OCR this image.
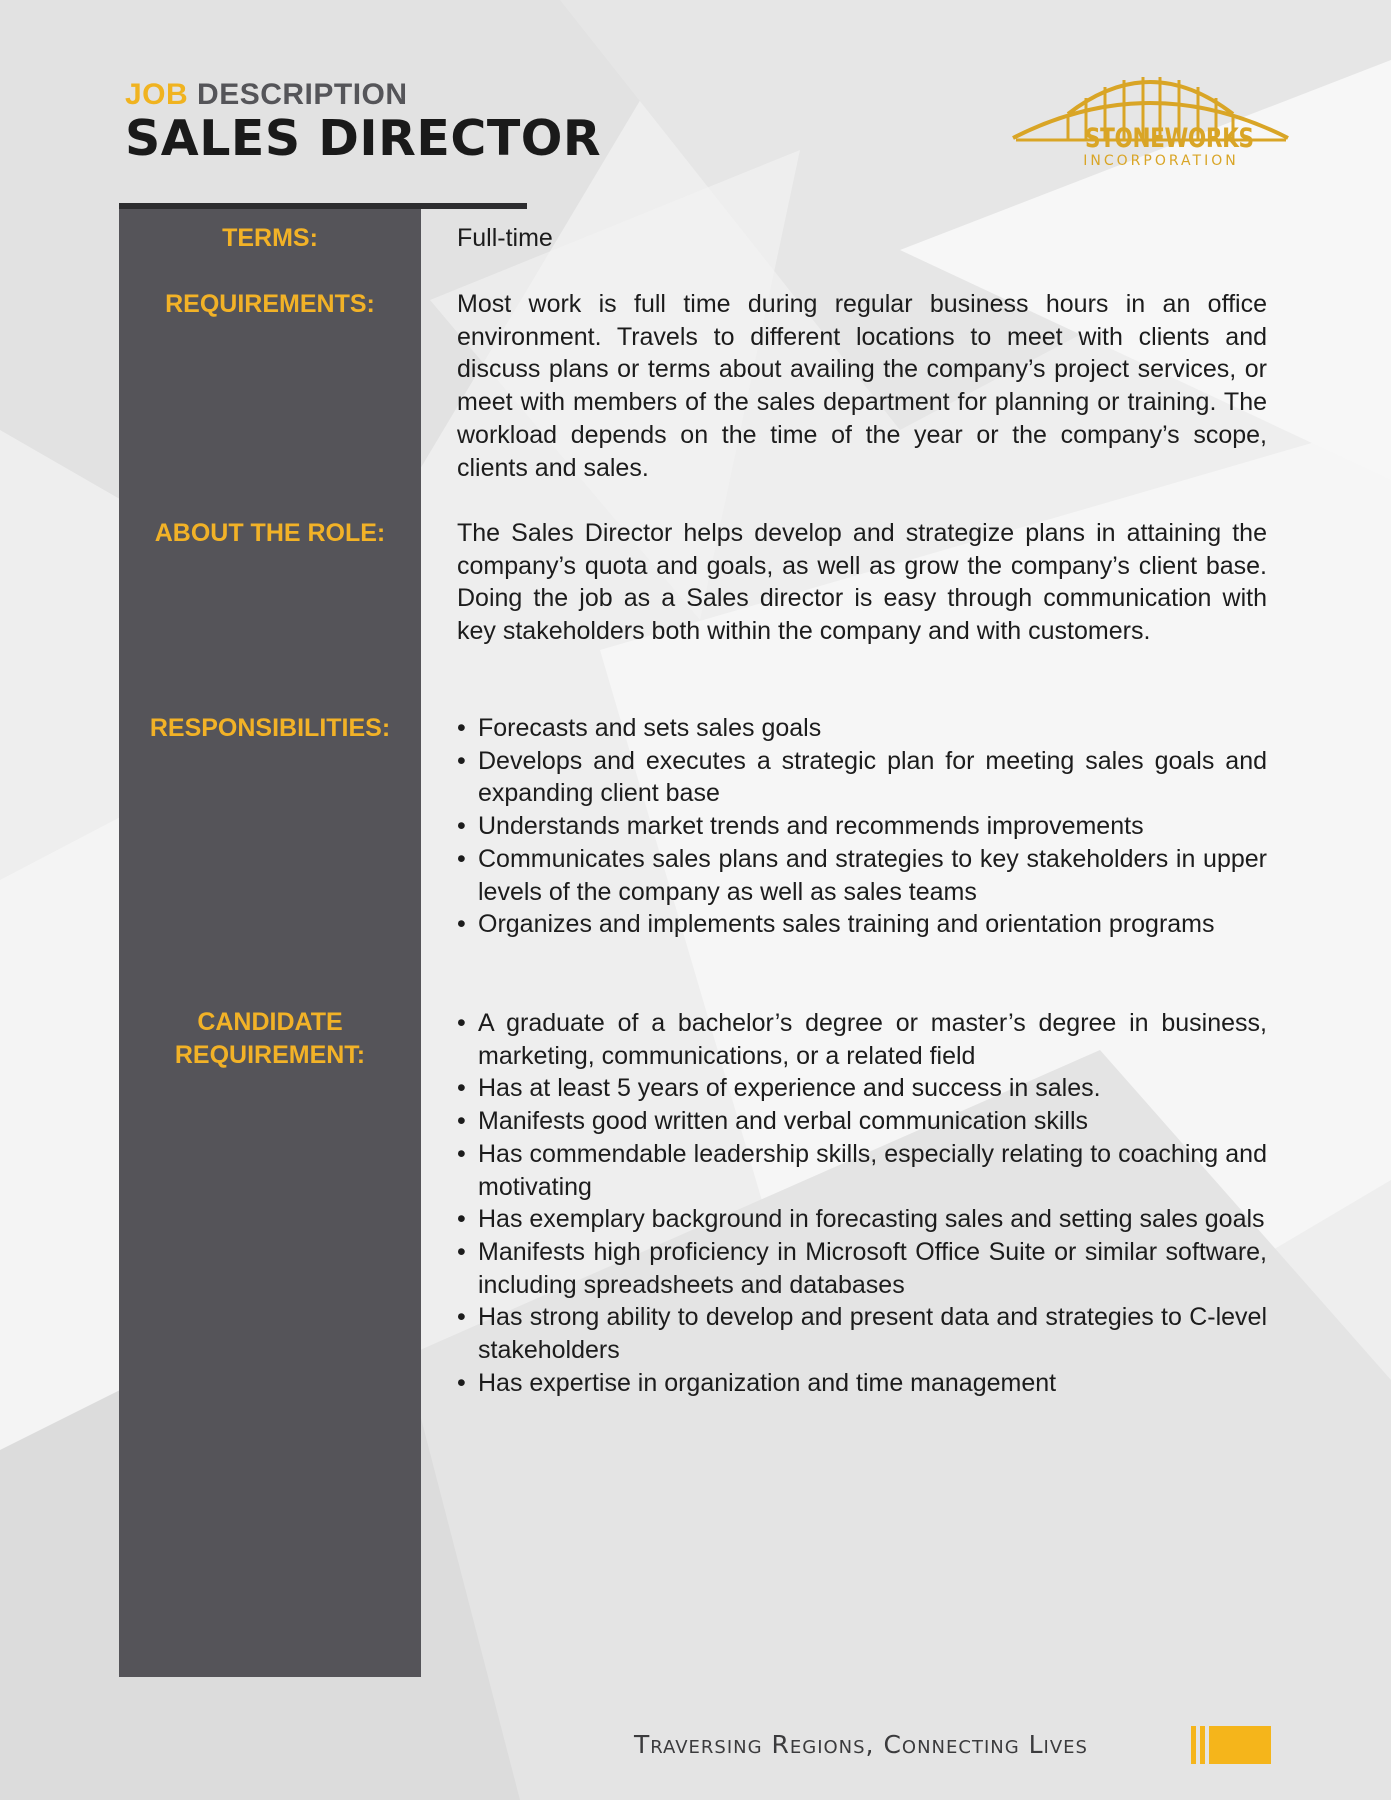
JOB DESCRIPTION
SALES DIRECTOR	STONEWORKS
INCORPORATION
TERMS:	Full-time

REQUIREMENTS:	Most work is full time during regular business hours in an office environment. Travels to different locations to meet with clients and discuss plans or terms about availing the company’s project services, or meet with members of the sales department for planning or training. The workload depends on the time of the year or the company’s scope, clients and sales.

ABOUT THE ROLE:	The Sales Director helps develop and strategize plans in attaining the company’s quota and goals, as well as grow the company’s client base. Doing the job as a Sales director is easy through communication with key stakeholders both within the company and with customers.

RESPONSIBILITIES:
•	Forecasts and sets sales goals
• Develops and executes a strategic plan for meeting sales goals and expanding client base
• Understands market trends and recommends improvements
• Communicates sales plans and strategies to key stakeholders in upper levels of the company as well as sales teams
• Organizes and implements sales training and orientation programs
CANDIDATE
REQUIREMENT:
• A graduate of a bachelor’s degree or master’s degree in business, marketing, communications, or a related field
• Has at least 5 years of experience and success in sales.
• Manifests good written and verbal communication skills
• Has commendable leadership skills, especially relating to coaching and motivating
• Has exemplary background in forecasting sales and setting sales goals
• Manifests high proficiency in Microsoft Office Suite or similar software, including spreadsheets and databases
• Has strong ability to develop and present data and strategies to C-level stakeholders
• Has expertise in organization and time management
Traversing Regions, Connecting Lives
